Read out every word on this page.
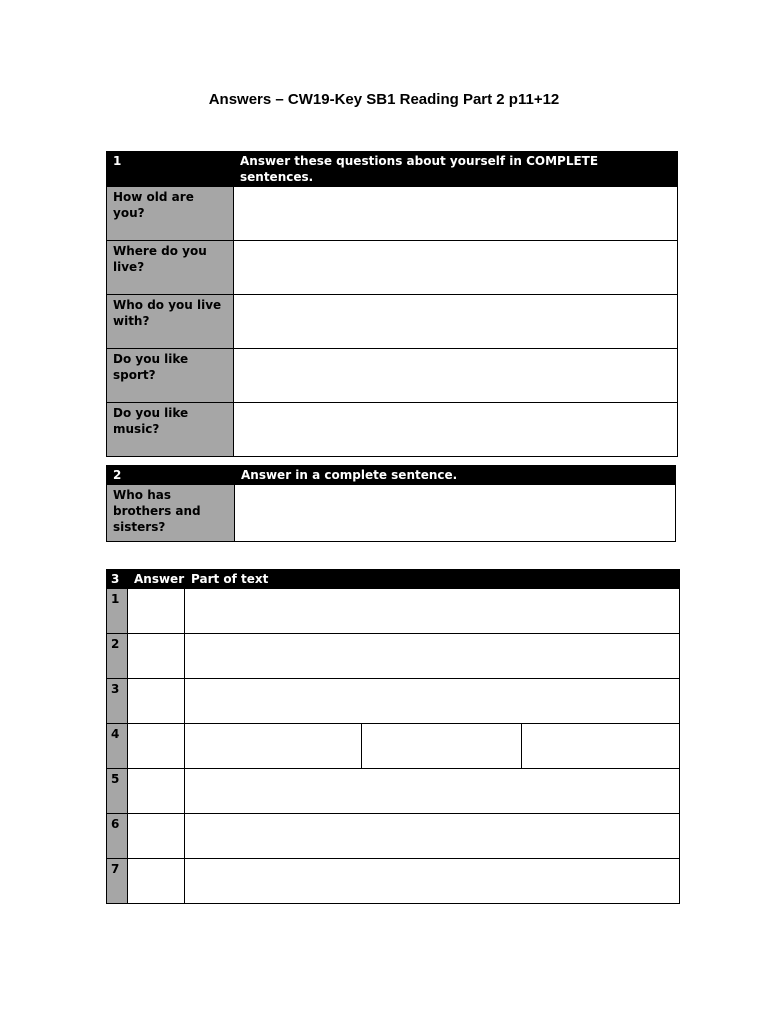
Answers – CW19-Key SB1 Reading Part 2 p11+12
1	Answer these questions about yourself in COMPLETE sentences.
How old are you?	
Where do you live?	
Who do you live with?	
Do you like sport?	
Do you like music?	
2	Answer in a complete sentence.
Who has brothers and sisters?	
3	Answer	Part of text		
1				
2				
3				
4				
5				
6				
7				
